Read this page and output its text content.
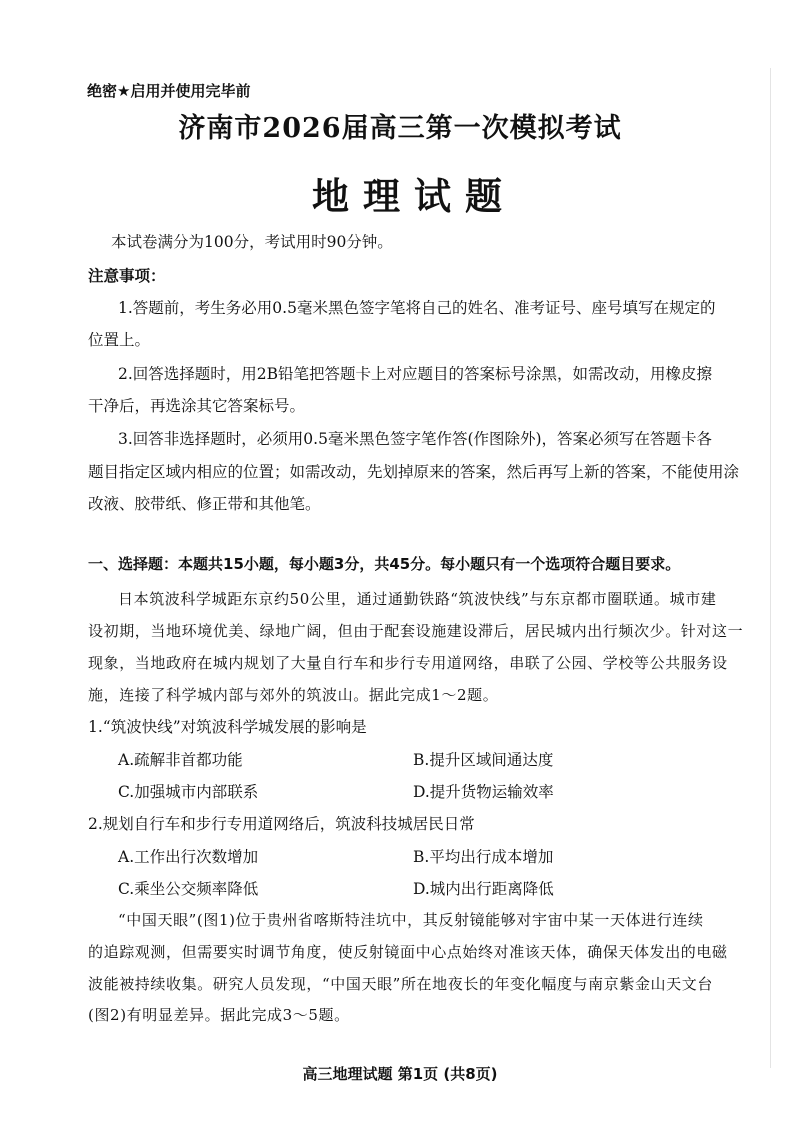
绝密★启用并使用完毕前
济南市2026届高三第一次模拟考试
地理试题
本试卷满分为100分，考试用时90分钟。
注意事项：
1.答题前，考生务必用0.5毫米黑色签字笔将自己的姓名、准考证号、座号填写在规定的
位置上。
2.回答选择题时，用2B铅笔把答题卡上对应题目的答案标号涂黑，如需改动，用橡皮擦
干净后，再选涂其它答案标号。
3.回答非选择题时，必须用0.5毫米黑色签字笔作答(作图除外)，答案必须写在答题卡各
题目指定区域内相应的位置；如需改动，先划掉原来的答案，然后再写上新的答案，不能使用涂
改液、胶带纸、修正带和其他笔。
一、选择题：本题共15小题，每小题3分，共45分。每小题只有一个选项符合题目要求。
日本筑波科学城距东京约50公里，通过通勤铁路“筑波快线”与东京都市圈联通。城市建
设初期，当地环境优美、绿地广阔，但由于配套设施建设滞后，居民城内出行频次少。针对这一
现象，当地政府在城内规划了大量自行车和步行专用道网络，串联了公园、学校等公共服务设
施，连接了科学城内部与郊外的筑波山。据此完成1～2题。
1.“筑波快线”对筑波科学城发展的影响是
A.疏解非首都功能	B.提升区域间通达度
C.加强城市内部联系	D.提升货物运输效率
2.规划自行车和步行专用道网络后，筑波科技城居民日常
A.工作出行次数增加	B.平均出行成本增加
C.乘坐公交频率降低	D.城内出行距离降低
“中国天眼”(图1)位于贵州省喀斯特洼坑中，其反射镜能够对宇宙中某一天体进行连续
的追踪观测，但需要实时调节角度，使反射镜面中心点始终对准该天体，确保天体发出的电磁
波能被持续收集。研究人员发现，“中国天眼”所在地夜长的年变化幅度与南京紫金山天文台
(图2)有明显差异。据此完成3～5题。
高三地理试题 第1页 (共8页)
